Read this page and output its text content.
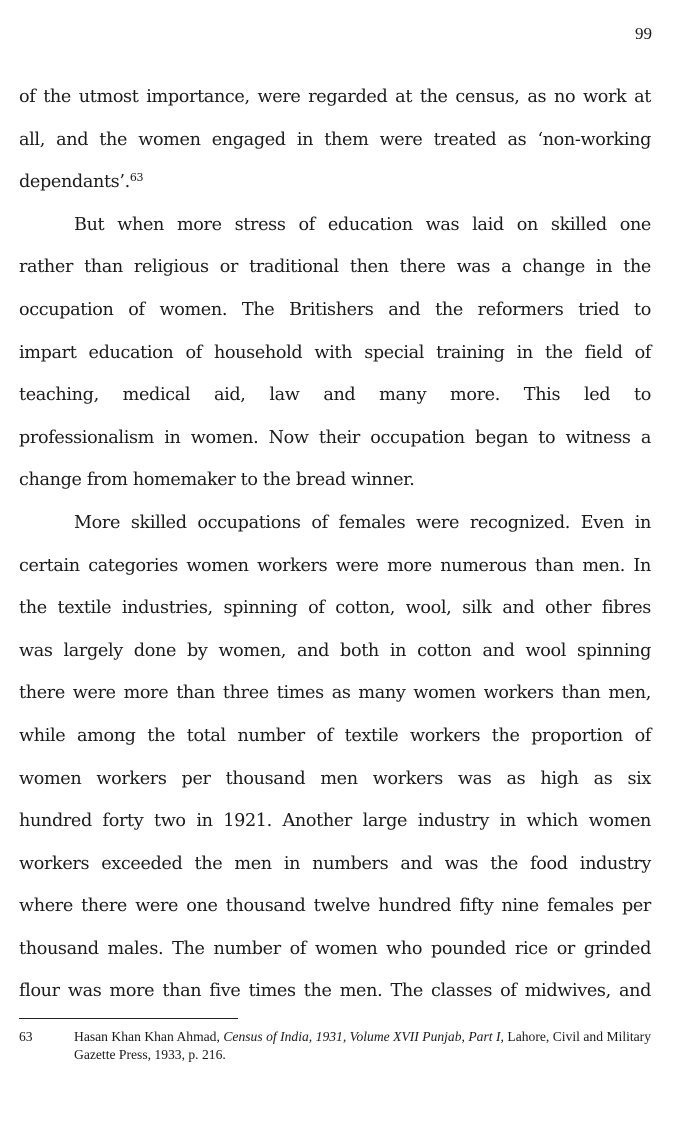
99
of the utmost importance, were regarded at the census, as no work at
all, and the women engaged in them were treated as ‘non-working
dependants’.$^{63}$
But when more stress of education was laid on skilled one
rather than religious or traditional then there was a change in the
occupation of women. The Britishers and the reformers tried to
impart education of household with special training in the field of
teaching, medical aid, law and many more. This led to
professionalism in women. Now their occupation began to witness a
change from homemaker to the bread winner.
More skilled occupations of females were recognized. Even in
certain categories women workers were more numerous than men. In
the textile industries, spinning of cotton, wool, silk and other fibres
was largely done by women, and both in cotton and wool spinning
there were more than three times as many women workers than men,
while among the total number of textile workers the proportion of
women workers per thousand men workers was as high as six
hundred forty two in 1921. Another large industry in which women
workers exceeded the men in numbers and was the food industry
where there were one thousand twelve hundred fifty nine females per
thousand males. The number of women who pounded rice or grinded
flour was more than five times the men. The classes of midwives, and
63	Hasan Khan Khan Ahmad, Census of India, 1931, Volume XVII Punjab, Part I, Lahore, Civil and Military Gazette Press, 1933, p. 216.
